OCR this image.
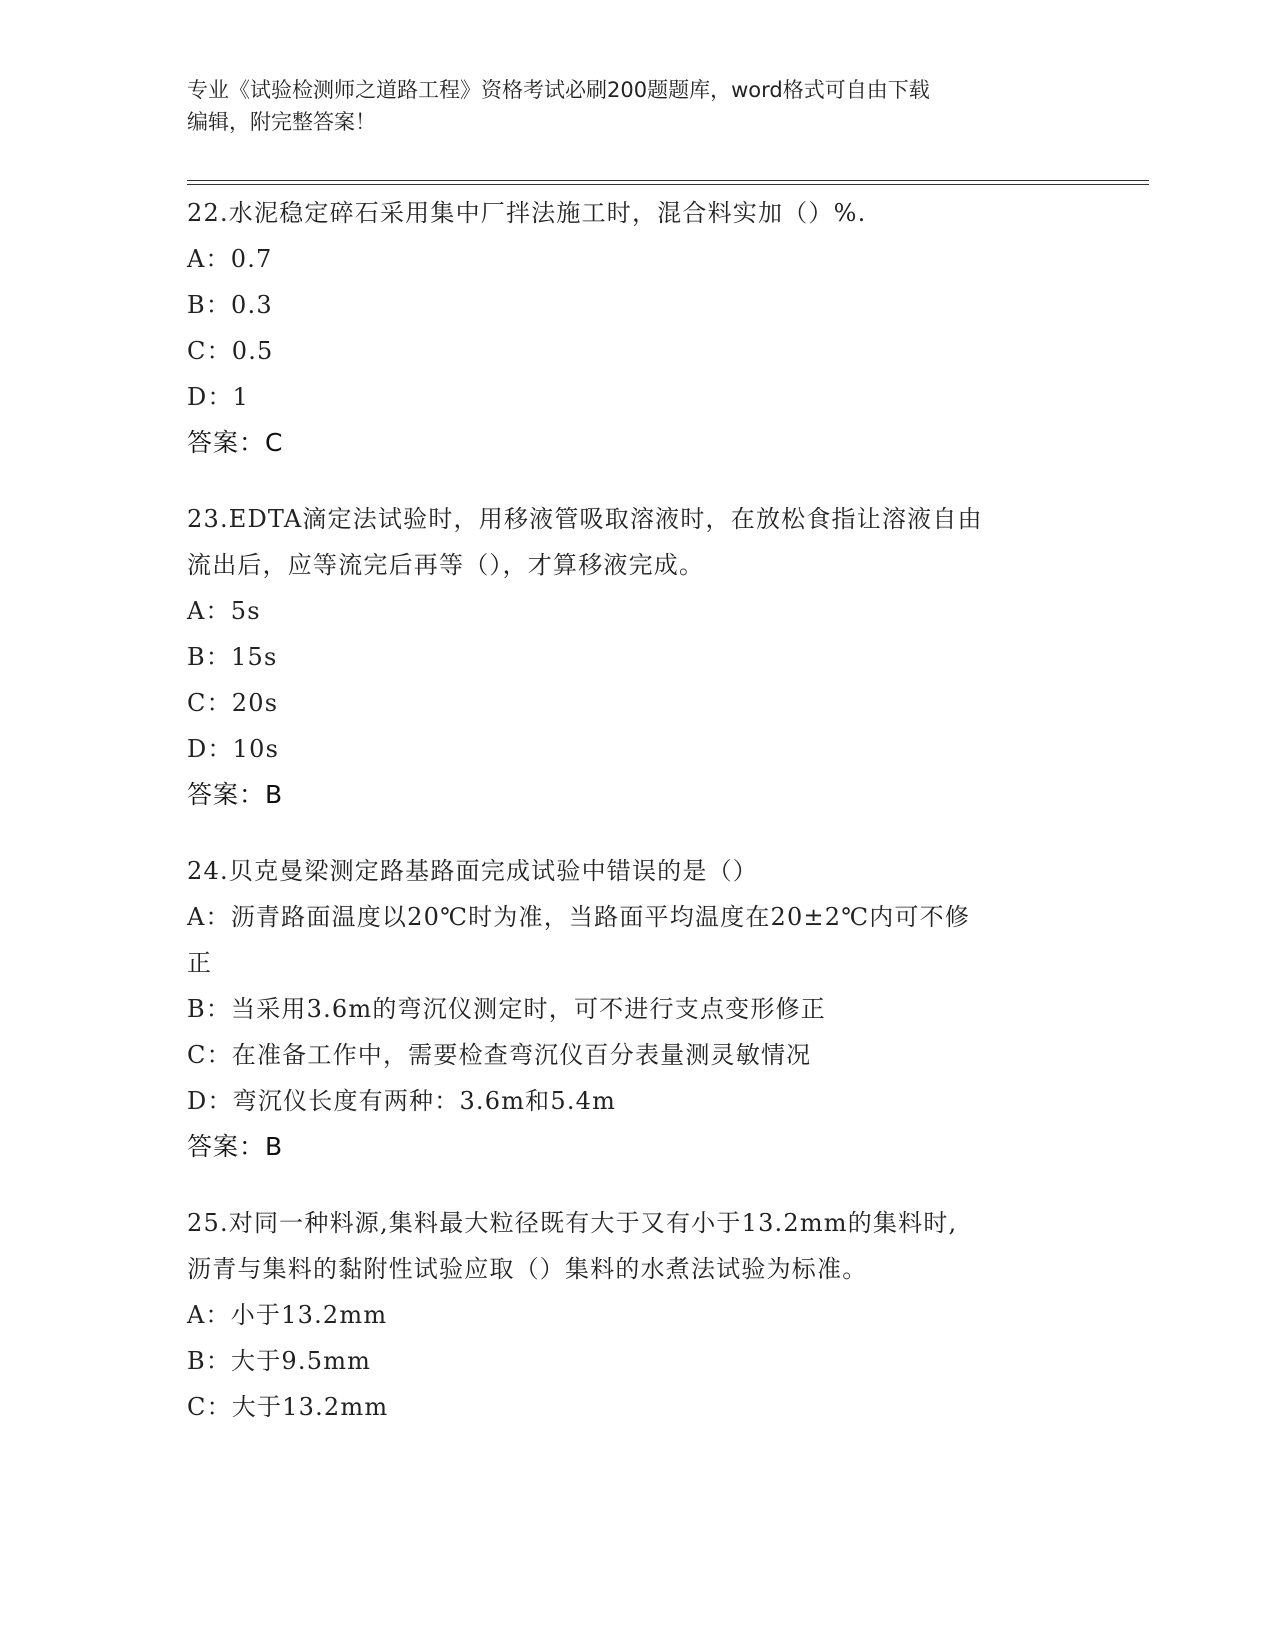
专业《试验检测师之道路工程》资格考试必刷200题题库，word格式可自由下载
编辑，附完整答案！
22.水泥稳定碎石采用集中厂拌法施工时，混合料实加（）%.
A：0.7
B：0.3
C：0.5
D：1
答案：C
23.EDTA滴定法试验时，用移液管吸取溶液时，在放松食指让溶液自由
流出后，应等流完后再等（），才算移液完成。
A：5s
B：15s
C：20s
D：10s
答案：B
24.贝克曼梁测定路基路面完成试验中错误的是（）
A：沥青路面温度以20℃时为准，当路面平均温度在20±2℃内可不修
正
B：当采用3.6m的弯沉仪测定时，可不进行支点变形修正
C：在准备工作中，需要检查弯沉仪百分表量测灵敏情况
D：弯沉仪长度有两种：3.6m和5.4m
答案：B
25.对同一种料源,集料最大粒径既有大于又有小于13.2mm的集料时,
沥青与集料的黏附性试验应取（）集料的水煮法试验为标准。
A：小于13.2mm
B：大于9.5mm
C：大于13.2mm
